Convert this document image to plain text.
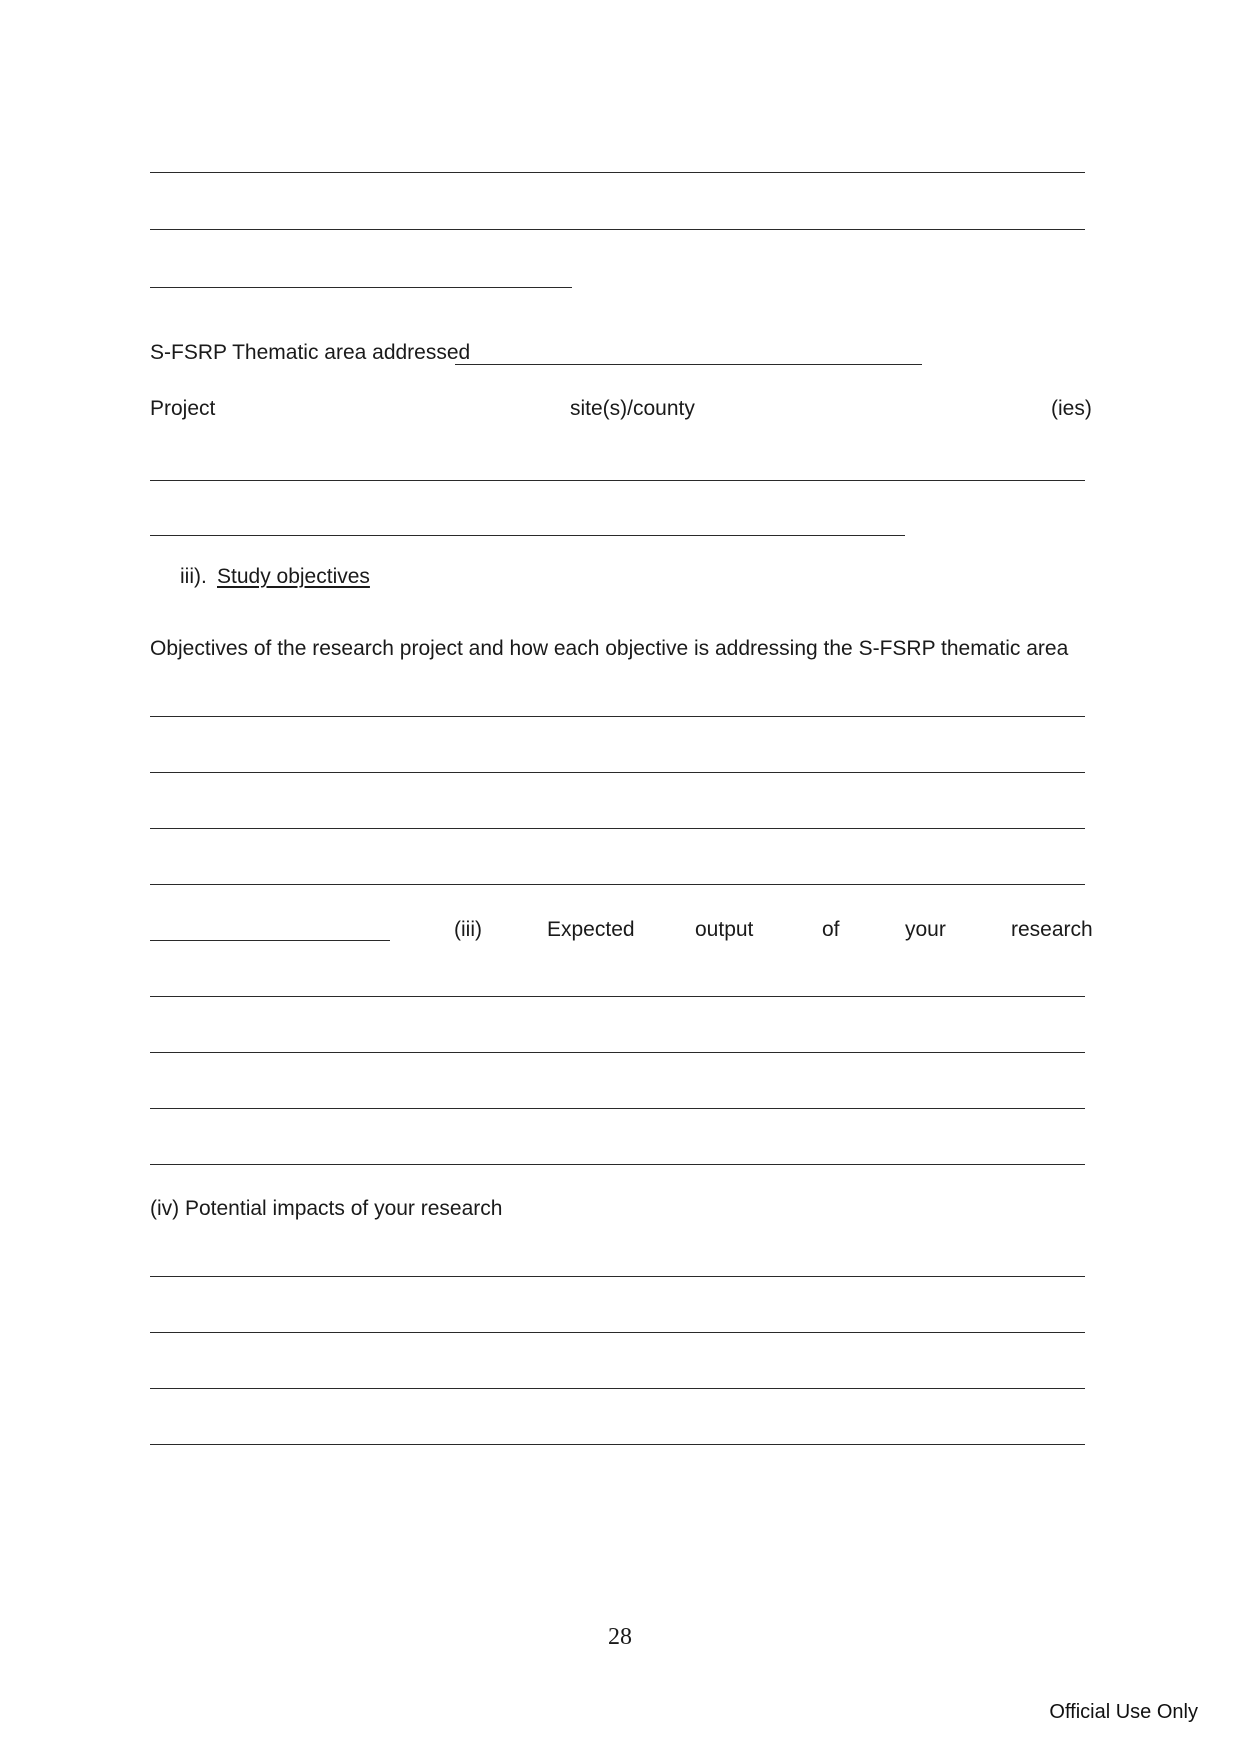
S-FSRP Thematic area addressed
Project	site(s)/county	(ies)
iii). Study objectives
Objectives of the research project and how each objective is addressing the S-FSRP thematic area
(iii)	Expected	output	of	your	research
(iv) Potential impacts of your research
28
Official Use Only
